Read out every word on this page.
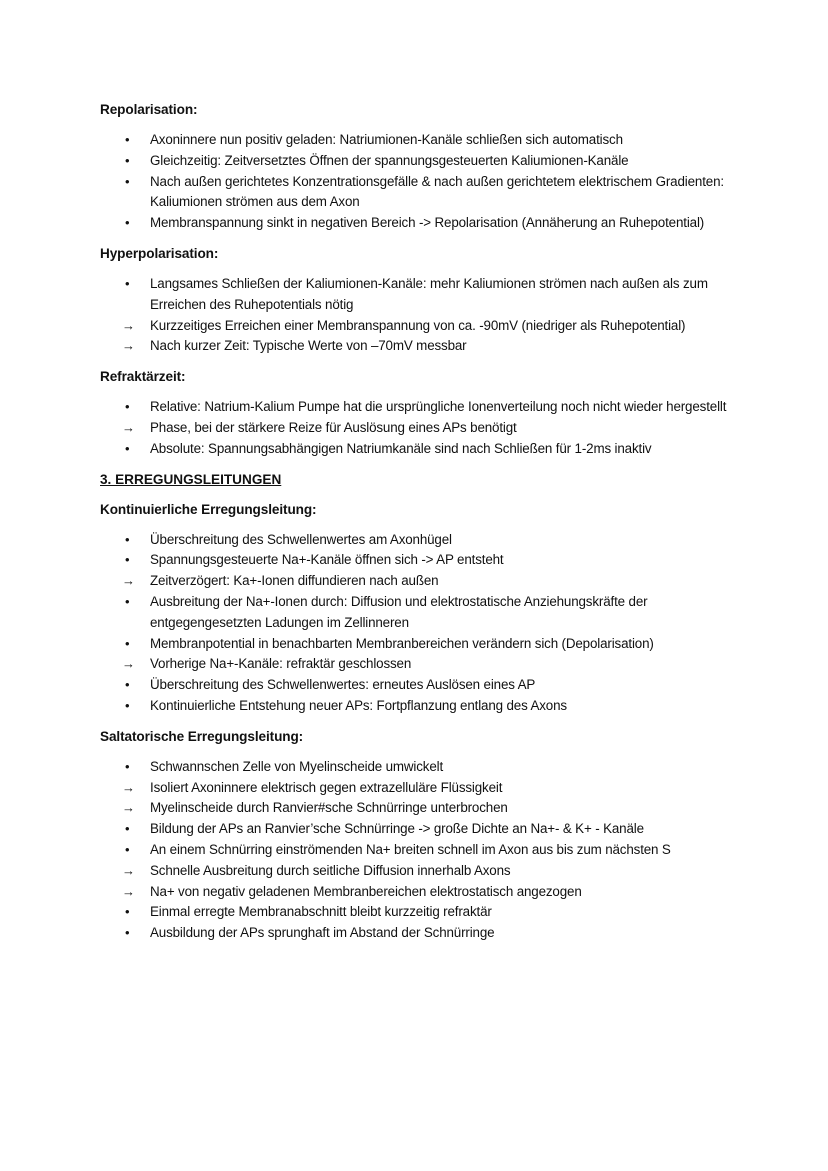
Repolarisation:
•	Axoninnere nun positiv geladen: Natriumionen-Kanäle schließen sich automatisch
•	Gleichzeitig: Zeitversetztes Öffnen der spannungsgesteuerten Kaliumionen-Kanäle
•	Nach außen gerichtetes Konzentrationsgefälle & nach außen gerichtetem elektrischem Gradienten: Kaliumionen strömen aus dem Axon
•	Membranspannung sinkt in negativen Bereich -> Repolarisation (Annäherung an Ruhepotential)
Hyperpolarisation:
•	Langsames Schließen der Kaliumionen-Kanäle: mehr Kaliumionen strömen nach außen als zum Erreichen des Ruhepotentials nötig
→	Kurzzeitiges Erreichen einer Membranspannung von ca. -90mV (niedriger als Ruhepotential)
→	Nach kurzer Zeit: Typische Werte von –70mV messbar
Refraktärzeit:
•	Relative: Natrium-Kalium Pumpe hat die ursprüngliche Ionenverteilung noch nicht wieder hergestellt
→	Phase, bei der stärkere Reize für Auslösung eines APs benötigt
•	Absolute: Spannungsabhängigen Natriumkanäle sind nach Schließen für 1-2ms inaktiv
3. ERREGUNGSLEITUNGEN
Kontinuierliche Erregungsleitung:
•	Überschreitung des Schwellenwertes am Axonhügel
•	Spannungsgesteuerte Na+-Kanäle öffnen sich -> AP entsteht
→	Zeitverzögert: Ka+-Ionen diffundieren nach außen
•	Ausbreitung der Na+-Ionen durch: Diffusion und elektrostatische Anziehungskräfte der entgegengesetzten Ladungen im Zellinneren
•	Membranpotential in benachbarten Membranbereichen verändern sich (Depolarisation)
→	Vorherige Na+-Kanäle: refraktär geschlossen
•	Überschreitung des Schwellenwertes: erneutes Auslösen eines AP
•	Kontinuierliche Entstehung neuer APs: Fortpflanzung entlang des Axons
Saltatorische Erregungsleitung:
•	Schwannschen Zelle von Myelinscheide umwickelt
→	Isoliert Axoninnere elektrisch gegen extrazelluläre Flüssigkeit
→	Myelinscheide durch Ranvier#sche Schnürringe unterbrochen
•	Bildung der APs an Ranvier’sche Schnürringe -> große Dichte an Na+- & K+ - Kanäle
•	An einem Schnürring einströmenden Na+ breiten schnell im Axon aus bis zum nächsten S
→	Schnelle Ausbreitung durch seitliche Diffusion innerhalb Axons
→	Na+ von negativ geladenen Membranbereichen elektrostatisch angezogen
•	Einmal erregte Membranabschnitt bleibt kurzzeitig refraktär
•	Ausbildung der APs sprunghaft im Abstand der Schnürringe
